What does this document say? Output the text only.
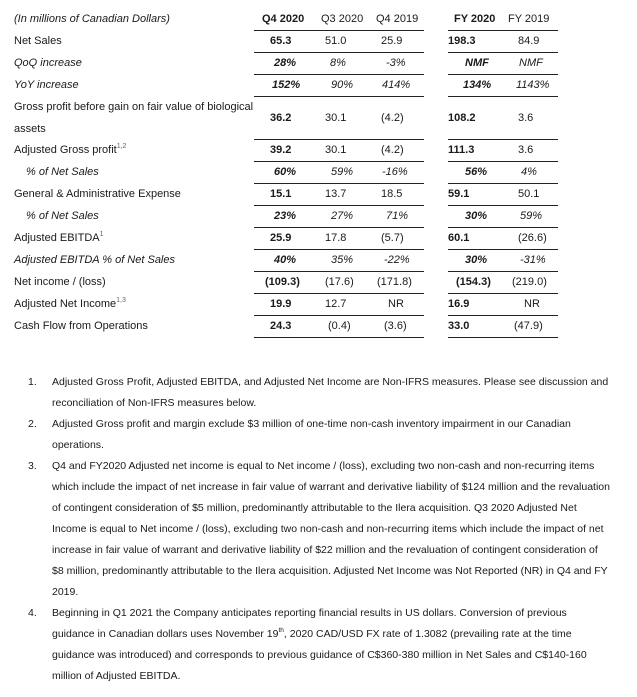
(In millions of Canadian Dollars)	Q4 2020 Q3 2020 Q4 2019	FY 2020 FY 2019
Net Sales	65.3	51.0	25.9	198.3	84.9
QoQ increase	28%	8%	-3%	NMF	NMF
YoY increase	152%	90%	414%	134% 1143%
Gross profit before gain on fair value of biological assets
36.2	30.1	(4.2)	108.2	3.6
Adjusted Gross profit$^{1,2}$	39.2	30.1	(4.2)	111.3	3.6
% of Net Sales	60%	59%	-16%	56%	4%
General & Administrative Expense	15.1	13.7	18.5	59.1	50.1
% of Net Sales	23%	27%	71%	30%	59%
Adjusted EBITDA$^1$	25.9	17.8	(5.7)	60.1	(26.6)
Adjusted EBITDA % of Net Sales	40%	35%	-22%	30%	-31%
Net income / (loss)	(109.3) (17.6) (171.8)	(154.3) (219.0)
Adjusted Net Income$^{1,3}$	19.9	12.7	NR	16.9	NR
Cash Flow from Operations	24.3	(0.4)	(3.6)	33.0	(47.9)
1. Adjusted Gross Profit, Adjusted EBITDA, and Adjusted Net Income are Non-IFRS measures. Please see discussion and reconciliation of Non-IFRS measures below.
2. Adjusted Gross profit and margin exclude $3 million of one-time non-cash inventory impairment in our Canadian operations.
3. Q4 and FY2020 Adjusted net income is equal to Net income / (loss), excluding two non-cash and non-recurring items which include the impact of net increase in fair value of warrant and derivative liability of $124 million and the revaluation of contingent consideration of $5 million, predominantly attributable to the Ilera acquisition. Q3 2020 Adjusted Net Income is equal to Net income / (loss), excluding two non-cash and non-recurring items which include the impact of net increase in fair value of warrant and derivative liability of $22 million and the revaluation of contingent consideration of $8 million, predominantly attributable to the Ilera acquisition. Adjusted Net Income was Not Reported (NR) in Q4 and FY 2019.
4. Beginning in Q1 2021 the Company anticipates reporting financial results in US dollars. Conversion of previous guidance in Canadian dollars uses November 19th, 2020 CAD/USD FX rate of 1.3082 (prevailing rate at the time guidance was introduced) and corresponds to previous guidance of C$360-380 million in Net Sales and C$140-160 million of Adjusted EBITDA.
